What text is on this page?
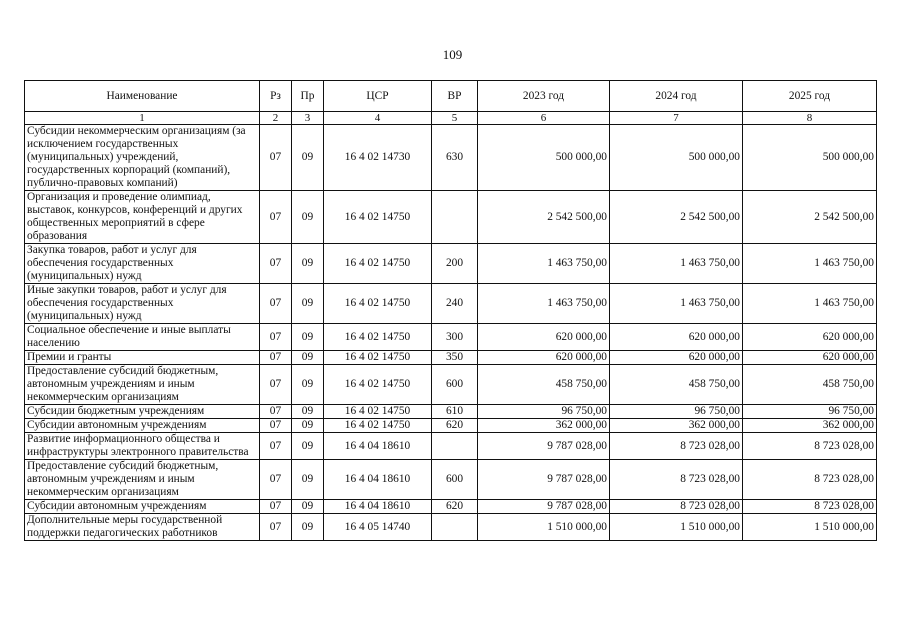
109
Наименование	Рз	Пр	ЦСР	ВР	2023 год	2024 год	2025 год
1	2	3	4	5	6	7	8
Субсидии некоммерческим организациям (за исключением государственных (муниципальных) учреждений, государственных корпораций (компаний), публично-правовых компаний)	07	09	16 4 02 14730	630	500 000,00	500 000,00	500 000,00
Организация и проведение олимпиад, выставок, конкурсов, конференций и других общественных мероприятий в сфере образования	07	09	16 4 02 14750		2 542 500,00	2 542 500,00	2 542 500,00
Закупка товаров, работ и услуг для обеспечения государственных (муниципальных) нужд	07	09	16 4 02 14750	200	1 463 750,00	1 463 750,00	1 463 750,00
Иные закупки товаров, работ и услуг для обеспечения государственных (муниципальных) нужд	07	09	16 4 02 14750	240	1 463 750,00	1 463 750,00	1 463 750,00
Социальное обеспечение и иные выплаты населению	07	09	16 4 02 14750	300	620 000,00	620 000,00	620 000,00
Премии и гранты	07	09	16 4 02 14750	350	620 000,00	620 000,00	620 000,00
Предоставление субсидий бюджетным, автономным учреждениям и иным некоммерческим организациям	07	09	16 4 02 14750	600	458 750,00	458 750,00	458 750,00
Субсидии бюджетным учреждениям	07	09	16 4 02 14750	610	96 750,00	96 750,00	96 750,00
Субсидии автономным учреждениям	07	09	16 4 02 14750	620	362 000,00	362 000,00	362 000,00
Развитие информационного общества и инфраструктуры электронного правительства	07	09	16 4 04 18610		9 787 028,00	8 723 028,00	8 723 028,00
Предоставление субсидий бюджетным, автономным учреждениям и иным некоммерческим организациям	07	09	16 4 04 18610	600	9 787 028,00	8 723 028,00	8 723 028,00
Субсидии автономным учреждениям	07	09	16 4 04 18610	620	9 787 028,00	8 723 028,00	8 723 028,00
Дополнительные меры государственной поддержки педагогических работников	07	09	16 4 05 14740		1 510 000,00	1 510 000,00	1 510 000,00
